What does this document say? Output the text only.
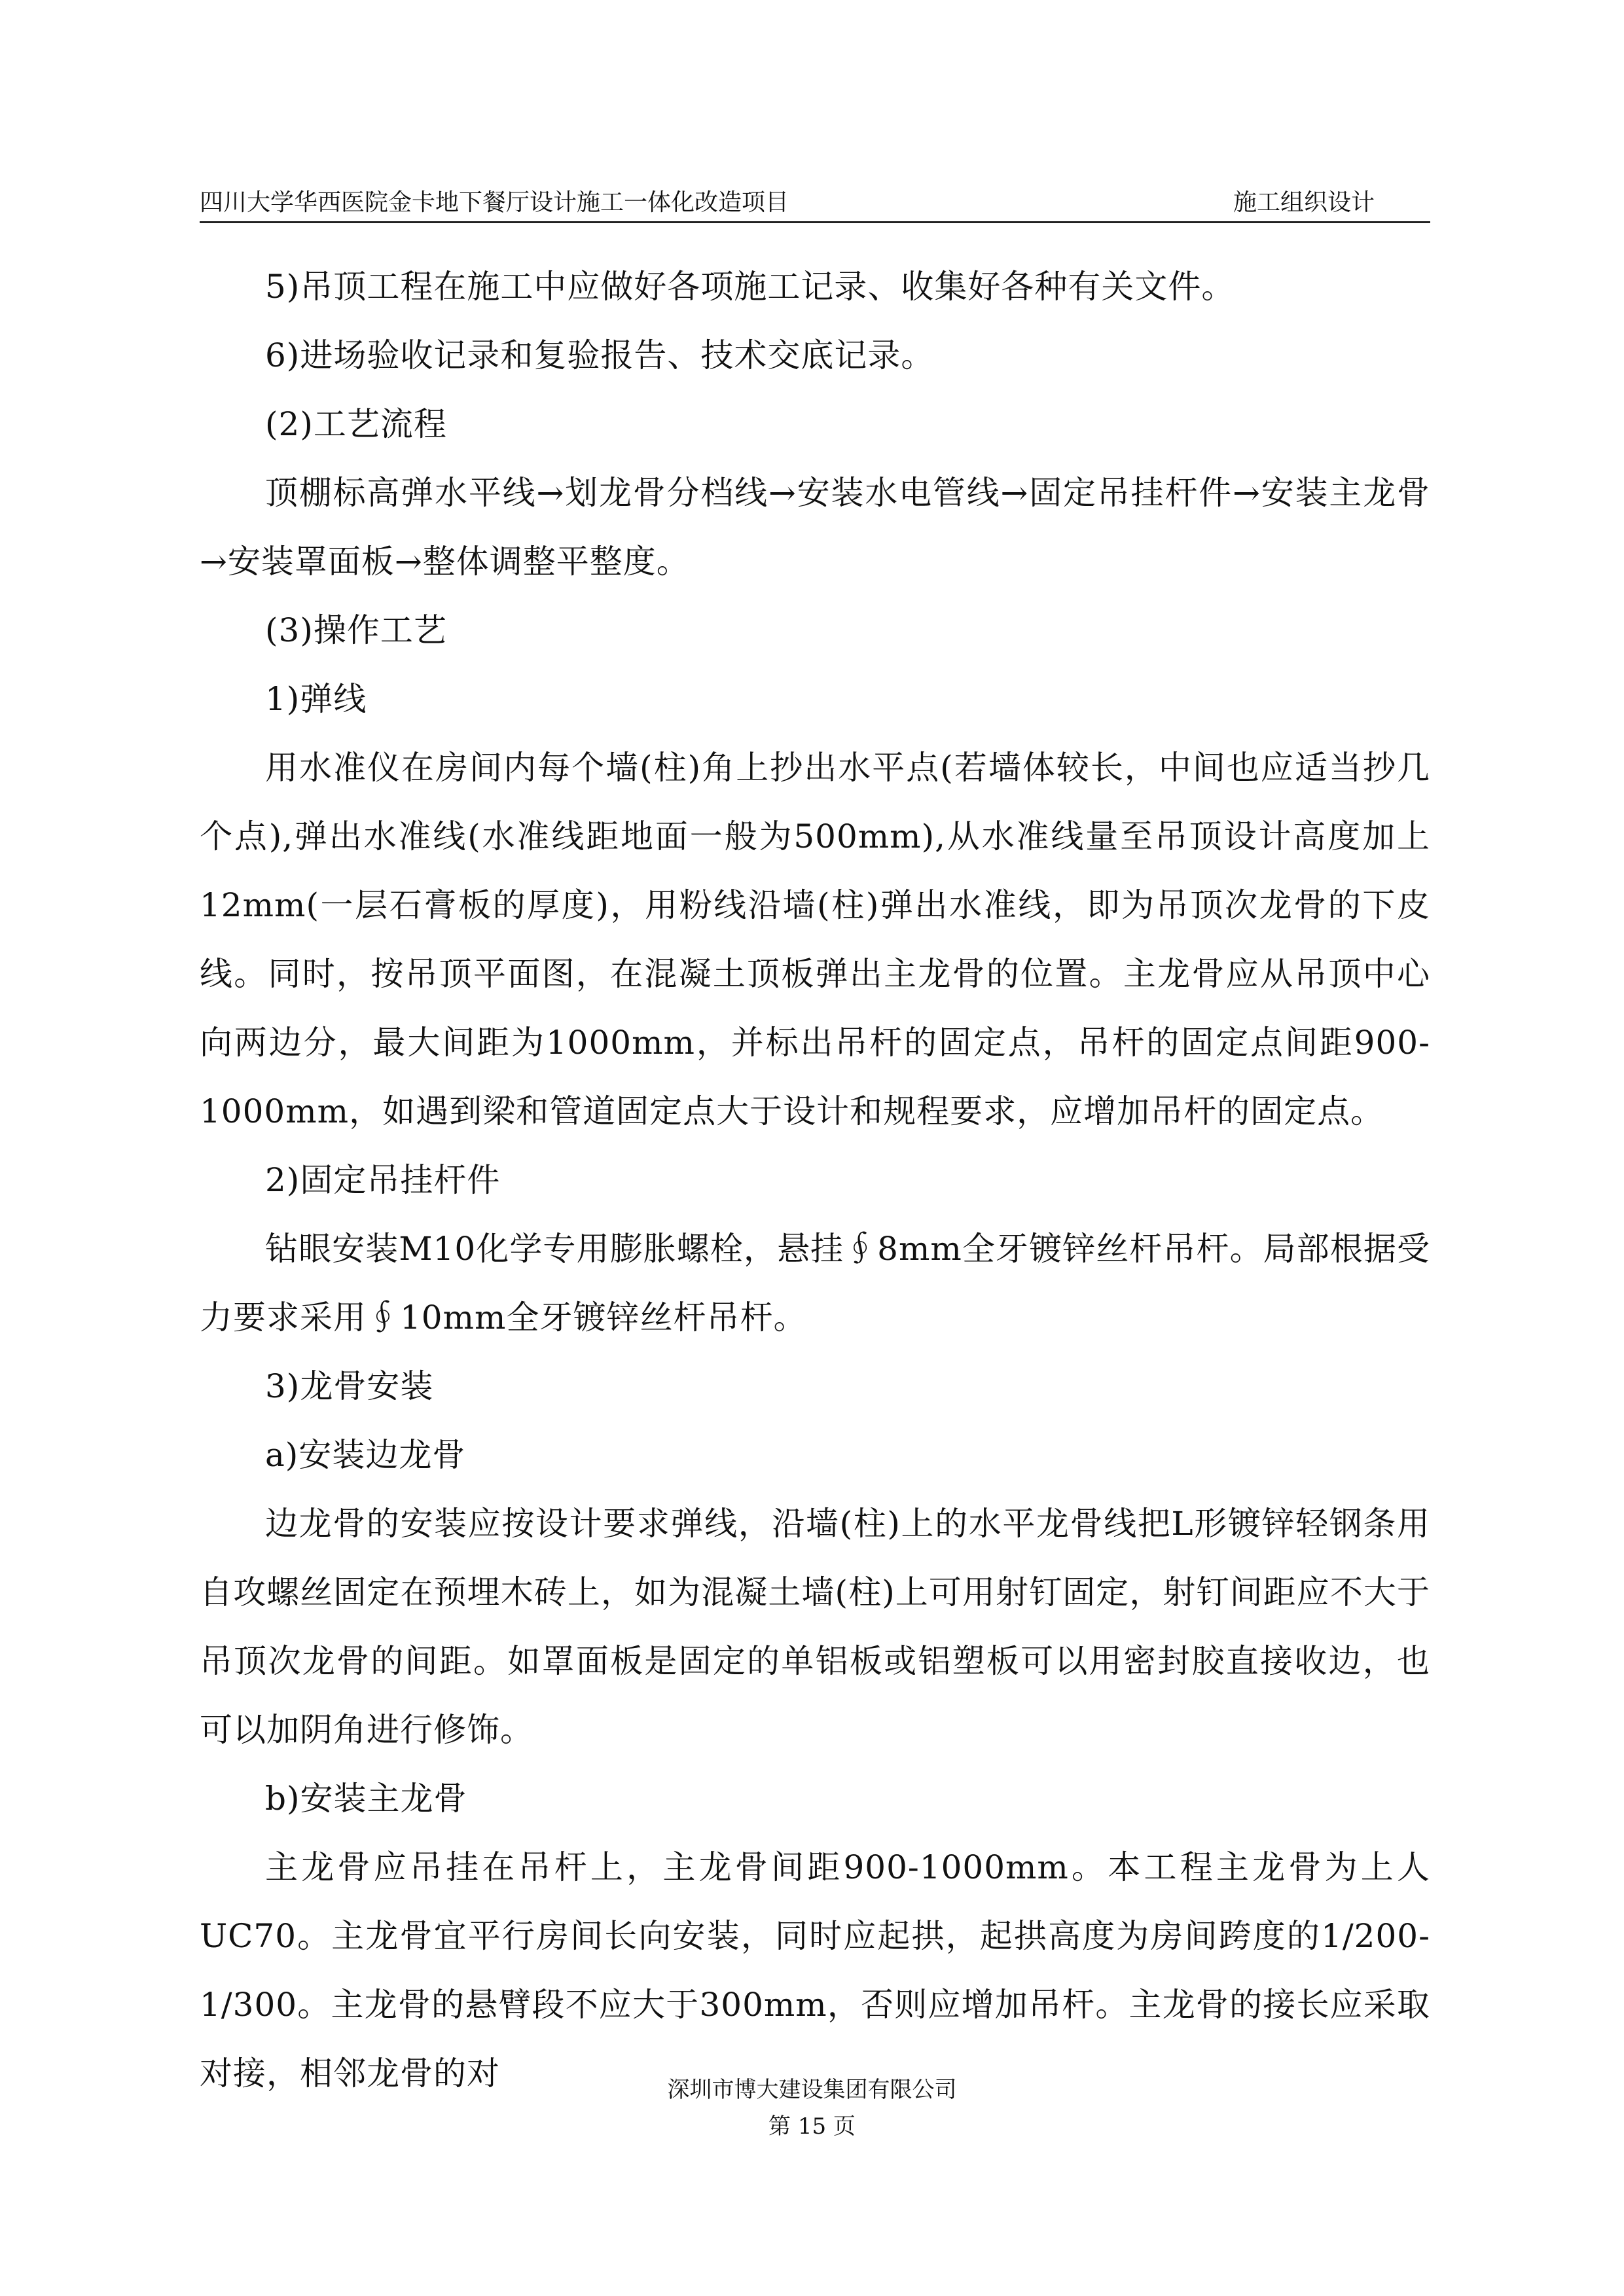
四川大学华西医院金卡地下餐厅设计施工一体化改造项目	施工组织设计

5)吊顶工程在施工中应做好各项施工记录、收集好各种有关文件。

6)进场验收记录和复验报告、技术交底记录。

(2)工艺流程

顶棚标高弹水平线→划龙骨分档线→安装水电管线→固定吊挂杆件→安装主龙骨→安装罩面板→整体调整平整度。

(3)操作工艺

1)弹线

用水准仪在房间内每个墙(柱)角上抄出水平点(若墙体较长，中间也应适当抄几个点),弹出水准线(水准线距地面一般为500mm),从水准线量至吊顶设计高度加上12mm(一层石膏板的厚度)，用粉线沿墙(柱)弹出水准线，即为吊顶次龙骨的下皮线。同时，按吊顶平面图，在混凝土顶板弹出主龙骨的位置。主龙骨应从吊顶中心向两边分，最大间距为1000mm，并标出吊杆的固定点，吊杆的固定点间距900-1000mm，如遇到梁和管道固定点大于设计和规程要求，应增加吊杆的固定点。

2)固定吊挂杆件

钻眼安装M10化学专用膨胀螺栓，悬挂∮8mm全牙镀锌丝杆吊杆。局部根据受力要求采用∮10mm全牙镀锌丝杆吊杆。

3)龙骨安装

a)安装边龙骨

边龙骨的安装应按设计要求弹线，沿墙(柱)上的水平龙骨线把L形镀锌轻钢条用自攻螺丝固定在预埋木砖上，如为混凝土墙(柱)上可用射钉固定，射钉间距应不大于吊顶次龙骨的间距。如罩面板是固定的单铝板或铝塑板可以用密封胶直接收边，也可以加阴角进行修饰。

b)安装主龙骨

主龙骨应吊挂在吊杆上，主龙骨间距900-1000mm。本工程主龙骨为上人UC70。主龙骨宜平行房间长向安装，同时应起拱，起拱高度为房间跨度的1/200-1/300。主龙骨的悬臂段不应大于300mm，否则应增加吊杆。主龙骨的接长应采取对接，相邻龙骨的对	深圳市博大建设集团有限公司
第 15 页
